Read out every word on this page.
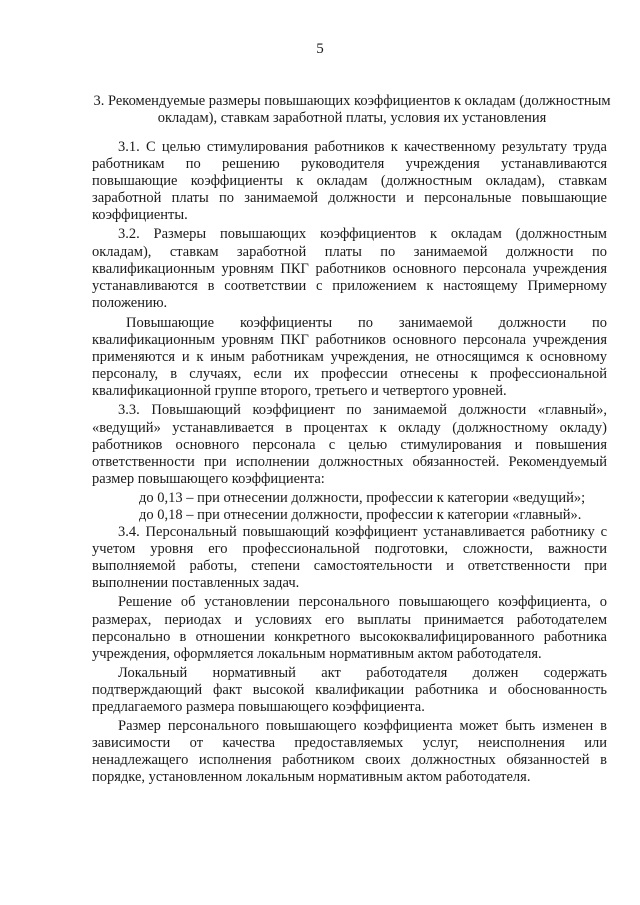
5
3. Рекомендуемые размеры повышающих коэффициентов к окладам (должностным окладам), ставкам заработной платы, условия их установления

3.1. С целью стимулирования работников к качественному результату труда работникам по решению руководителя учреждения устанавливаются повышающие коэффициенты к окладам (должностным окладам), ставкам заработной платы по занимаемой должности и персональные повышающие коэффициенты.

3.2. Размеры повышающих коэффициентов к окладам (должностным окладам), ставкам заработной платы по занимаемой должности по квалификационным уровням ПКГ работников основного персонала учреждения устанавливаются в соответствии с приложением к настоящему Примерному положению.

Повышающие коэффициенты по занимаемой должности по квалификационным уровням ПКГ работников основного персонала учреждения применяются и к иным работникам учреждения, не относящимся к основному персоналу, в случаях, если их профессии отнесены к профессиональной квалификационной группе второго, третьего и четвертого уровней.

3.3. Повышающий коэффициент по занимаемой должности «главный», «ведущий» устанавливается в процентах к окладу (должностному окладу) работников основного персонала с целью стимулирования и повышения ответственности при исполнении должностных обязанностей. Рекомендуемый размер повышающего коэффициента:

до 0,13 – при отнесении должности, профессии к категории «ведущий»;

до 0,18 – при отнесении должности, профессии к категории «главный».

3.4. Персональный повышающий коэффициент устанавливается работнику с учетом уровня его профессиональной подготовки, сложности, важности выполняемой работы, степени самостоятельности и ответственности при выполнении поставленных задач.

Решение об установлении персонального повышающего коэффициента, о размерах, периодах и условиях его выплаты принимается работодателем персонально в отношении конкретного высококвалифицированного работника учреждения, оформляется локальным нормативным актом работодателя.

Локальный нормативный акт работодателя должен содержать подтверждающий факт высокой квалификации работника и обоснованность предлагаемого размера повышающего коэффициента.

Размер персонального повышающего коэффициента может быть изменен в зависимости от качества предоставляемых услуг, неисполнения или ненадлежащего исполнения работником своих должностных обязанностей в порядке, установленном локальным нормативным актом работодателя.
